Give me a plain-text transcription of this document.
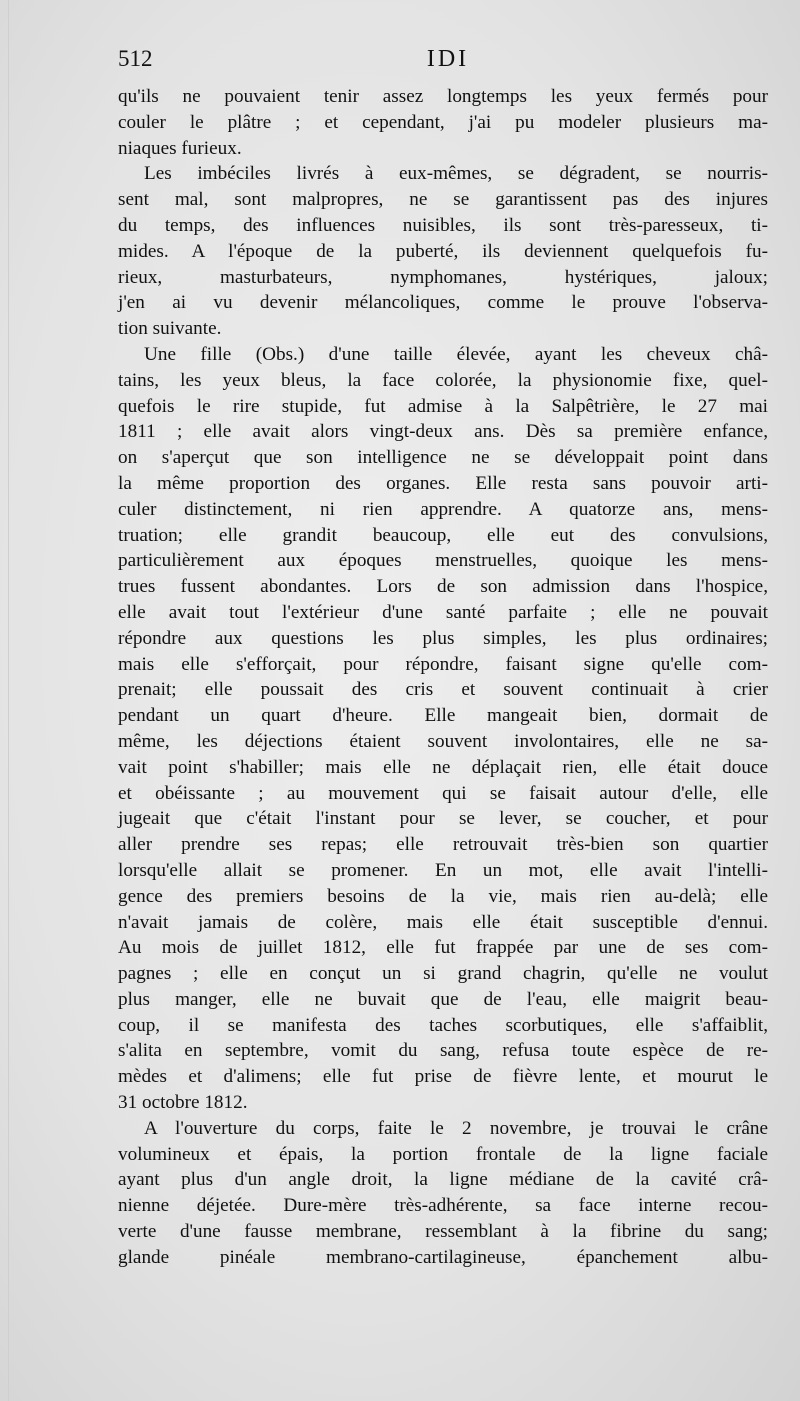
512	IDI
qu'ils ne pouvaient tenir assez longtemps les yeux fermés pour
couler le plâtre ; et cependant, j'ai pu modeler plusieurs ma-
niaques furieux.
Les imbéciles livrés à eux-mêmes, se dégradent, se nourris-
sent mal, sont malpropres, ne se garantissent pas des injures
du temps, des influences nuisibles, ils sont très-paresseux, ti-
mides. A l'époque de la puberté, ils deviennent quelquefois fu-
rieux, masturbateurs, nymphomanes, hystériques, jaloux;
j'en ai vu devenir mélancoliques, comme le prouve l'observa-
tion suivante.
Une fille (Obs.) d'une taille élevée, ayant les cheveux châ-
tains, les yeux bleus, la face colorée, la physionomie fixe, quel-
quefois le rire stupide, fut admise à la Salpêtrière, le 27 mai
1811 ; elle avait alors vingt-deux ans. Dès sa première enfance,
on s'aperçut que son intelligence ne se développait point dans
la même proportion des organes. Elle resta sans pouvoir arti-
culer distinctement, ni rien apprendre. A quatorze ans, mens-
truation; elle grandit beaucoup, elle eut des convulsions,
particulièrement aux époques menstruelles, quoique les mens-
trues fussent abondantes. Lors de son admission dans l'hospice,
elle avait tout l'extérieur d'une santé parfaite ; elle ne pouvait
répondre aux questions les plus simples, les plus ordinaires;
mais elle s'efforçait, pour répondre, faisant signe qu'elle com-
prenait; elle poussait des cris et souvent continuait à crier
pendant un quart d'heure. Elle mangeait bien, dormait de
même, les déjections étaient souvent involontaires, elle ne sa-
vait point s'habiller; mais elle ne déplaçait rien, elle était douce
et obéissante ; au mouvement qui se faisait autour d'elle, elle
jugeait que c'était l'instant pour se lever, se coucher, et pour
aller prendre ses repas; elle retrouvait très-bien son quartier
lorsqu'elle allait se promener. En un mot, elle avait l'intelli-
gence des premiers besoins de la vie, mais rien au-delà; elle
n'avait jamais de colère, mais elle était susceptible d'ennui.
Au mois de juillet 1812, elle fut frappée par une de ses com-
pagnes ; elle en conçut un si grand chagrin, qu'elle ne voulut
plus manger, elle ne buvait que de l'eau, elle maigrit beau-
coup, il se manifesta des taches scorbutiques, elle s'affaiblit,
s'alita en septembre, vomit du sang, refusa toute espèce de re-
mèdes et d'alimens; elle fut prise de fièvre lente, et mourut le
31 octobre 1812.
A l'ouverture du corps, faite le 2 novembre, je trouvai le crâne
volumineux et épais, la portion frontale de la ligne faciale
ayant plus d'un angle droit, la ligne médiane de la cavité crâ-
nienne déjetée. Dure-mère très-adhérente, sa face interne recou-
verte d'une fausse membrane, ressemblant à la fibrine du sang;
glande pinéale membrano-cartilagineuse, épanchement albu-
